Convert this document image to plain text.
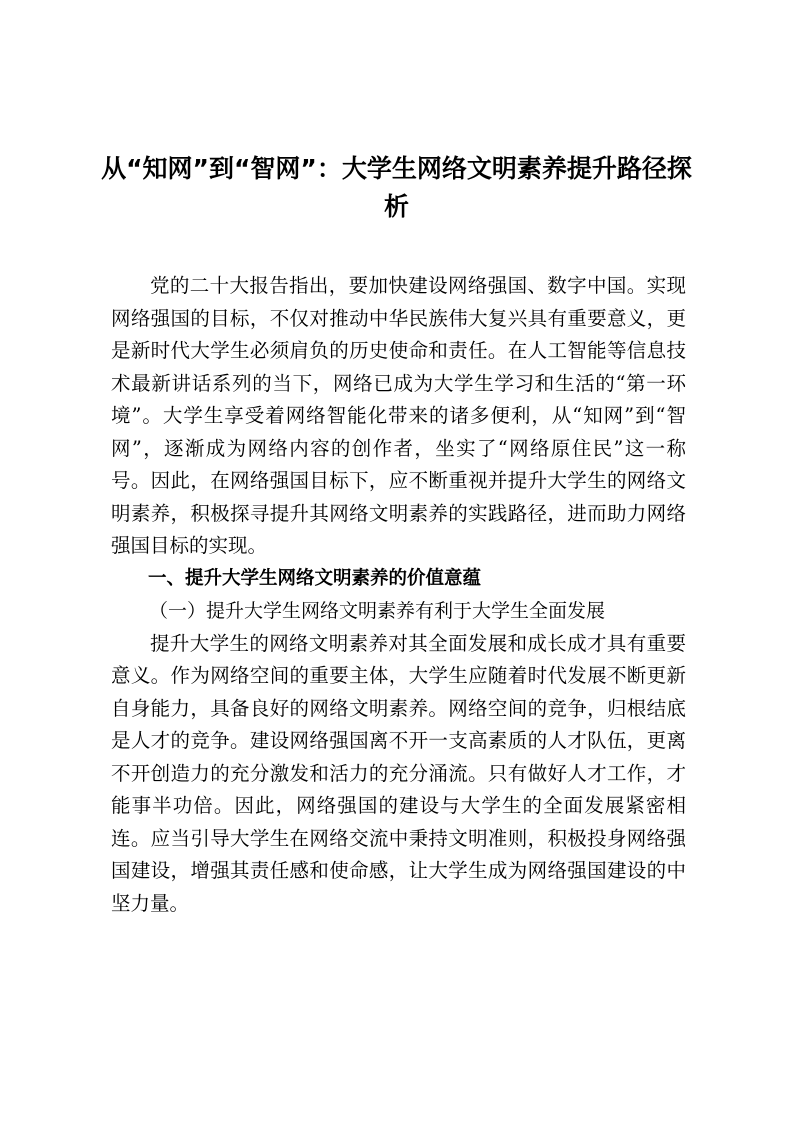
从“知网”到“智网”：大学生网络文明素养提升路径探析

党的二十大报告指出，要加快建设网络强国、数字中国。实现网络强国的目标，不仅对推动中华民族伟大复兴具有重要意义，更是新时代大学生必须肩负的历史使命和责任。在人工智能等信息技术最新讲话系列的当下，网络已成为大学生学习和生活的“第一环境”。大学生享受着网络智能化带来的诸多便利，从“知网”到“智网”，逐渐成为网络内容的创作者，坐实了“网络原住民”这一称号。因此，在网络强国目标下，应不断重视并提升大学生的网络文明素养，积极探寻提升其网络文明素养的实践路径，进而助力网络强国目标的实现。

一、提升大学生网络文明素养的价值意蕴

（一）提升大学生网络文明素养有利于大学生全面发展

提升大学生的网络文明素养对其全面发展和成长成才具有重要意义。作为网络空间的重要主体，大学生应随着时代发展不断更新自身能力，具备良好的网络文明素养。网络空间的竞争，归根结底是人才的竞争。建设网络强国离不开一支高素质的人才队伍，更离不开创造力的充分激发和活力的充分涌流。只有做好人才工作，才能事半功倍。因此，网络强国的建设与大学生的全面发展紧密相连。应当引导大学生在网络交流中秉持文明准则，积极投身网络强国建设，增强其责任感和使命感，让大学生成为网络强国建设的中坚力量。
